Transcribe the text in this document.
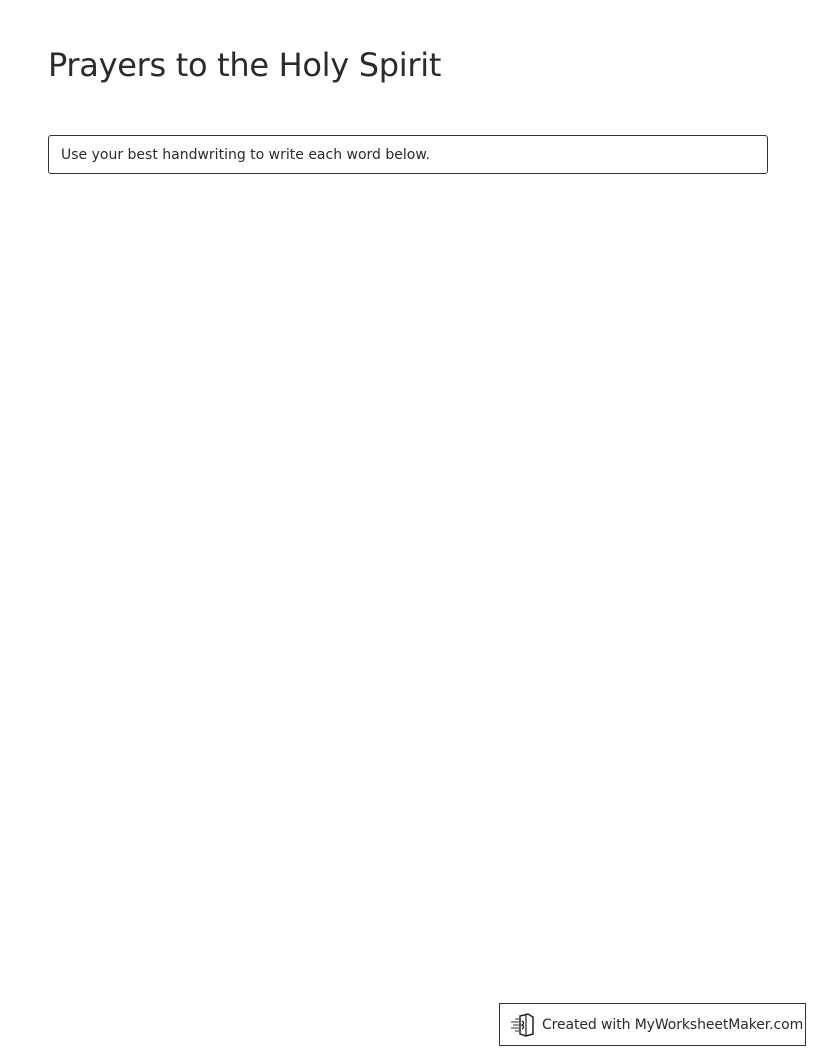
Prayers to the Holy Spirit
Use your best handwriting to write each word below.
Created with MyWorksheetMaker.com
